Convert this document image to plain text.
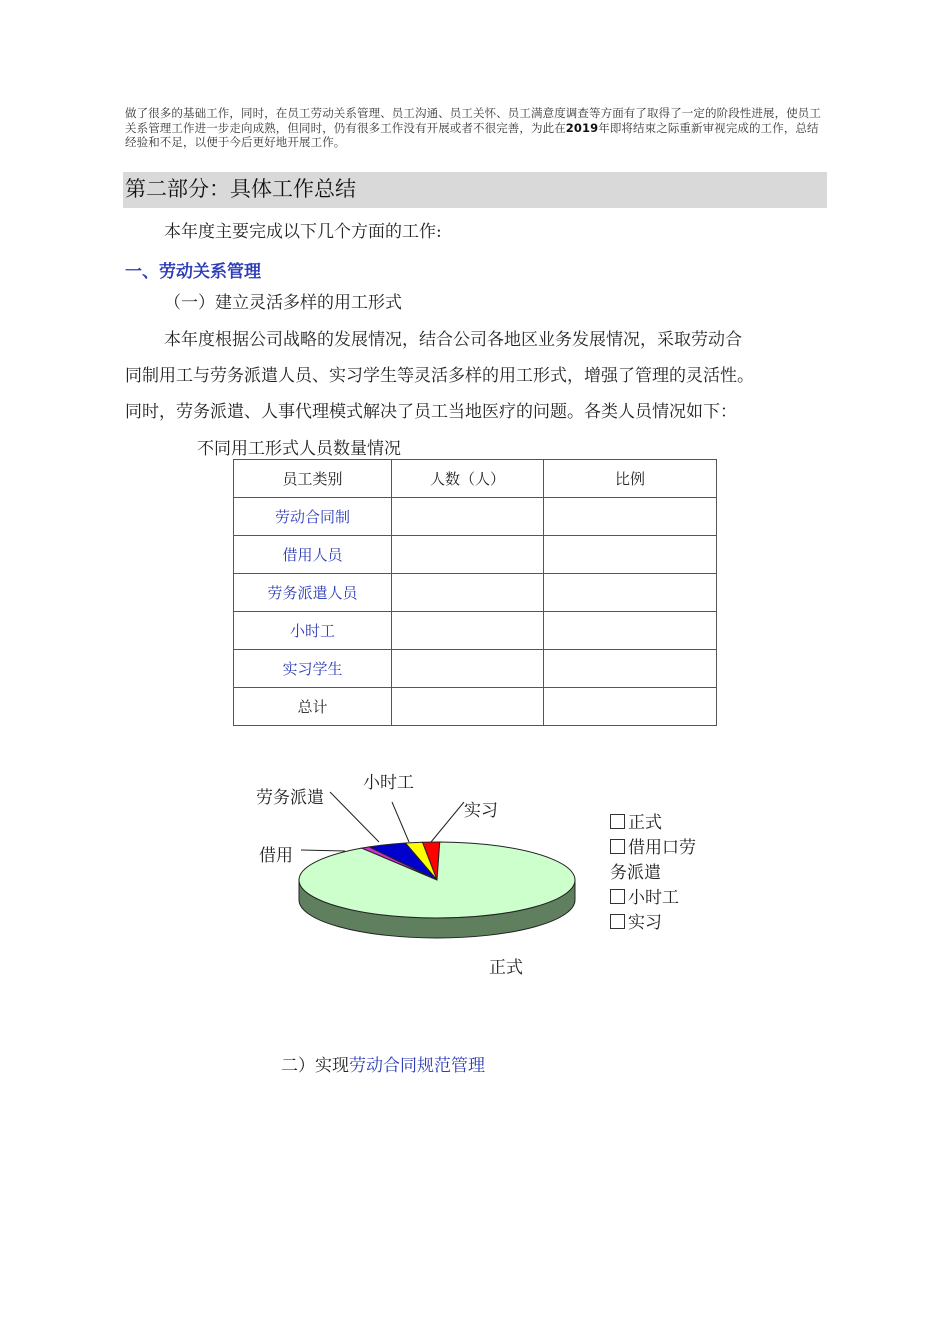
做了很多的基础工作，同时，在员工劳动关系管理、员工沟通、员工关怀、员工满意度调查等方面有了取得了一定的阶段性进展，使员工关系管理工作进一步走向成熟，但同时，仍有很多工作没有开展或者不很完善，为此在2019年即将结束之际重新审视完成的工作，总结经验和不足，以便于今后更好地开展工作。
第二部分：具体工作总结
本年度主要完成以下几个方面的工作:
一、劳动关系管理
（一）建立灵活多样的用工形式
本年度根据公司战略的发展情况，结合公司各地区业务发展情况，采取劳动合
同制用工与劳务派遣人员、实习学生等灵活多样的用工形式，增强了管理的灵活性。
同时，劳务派遣、人事代理模式解决了员工当地医疗的问题。各类人员情况如下：
不同用工形式人员数量情况
员工类别	人数（人）	比例
劳动合同制		
借用人员		
劳务派遣人员		
小时工		
实习学生		
总计		
正式
借用
劳务派遣
小时工
实习
正式
借用口劳
务派遣
小时工
实习
二）实现劳动合同规范管理
